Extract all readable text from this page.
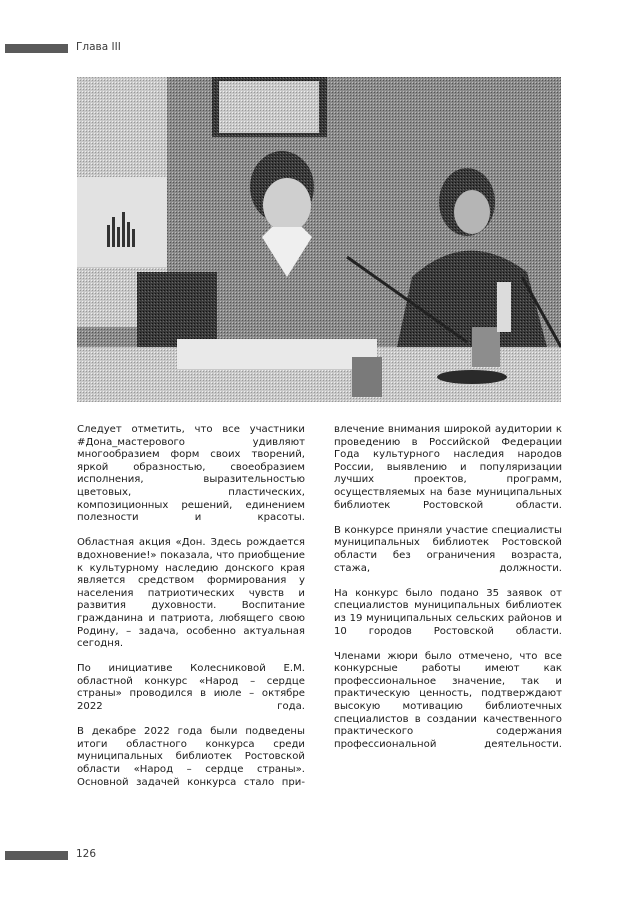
Глава III

Следует отметить, что все участники #Дона_мастерового удивляют многообразием форм своих творений, яркой образностью, своеобразием исполнения, выразительностью цветовых, пластических, композиционных решений, единением полезности и красоты.

Областная акция «Дон. Здесь рождается вдохновение!» показала, что приобщение к культурному наследию донского края является средством формирования у населения патриотических чувств и развития духовности. Воспитание гражданина и патриота, любящего свою Родину, – задача, особенно актуальная сегодня.

По инициативе Колесниковой Е.М. областной конкурс «Народ – сердце страны» проводился в июле – октябре 2022 года.

В декабре 2022 года были подведены итоги областного конкурса среди муниципальных библиотек Ростовской области «Народ – сердце страны». Основной задачей конкурса стало при-

влечение внимания широкой аудитории к проведению в Российской Федерации Года культурного наследия народов России, выявлению и популяризации лучших проектов, программ, осуществляемых на базе муниципальных библиотек Ростовской области.

В конкурсе приняли участие специалисты муниципальных библиотек Ростовской области без ограничения возраста, стажа, должности.

На конкурс было подано 35 заявок от специалистов муниципальных библиотек из 19 муниципальных сельских районов и 10 городов Ростовской области.

Членами жюри было отмечено, что все конкурсные работы имеют как профессиональное значение, так и практическую ценность, подтверждают высокую мотивацию библиотечных специалистов в создании качественного практического содержания профессиональной деятельности.

126
